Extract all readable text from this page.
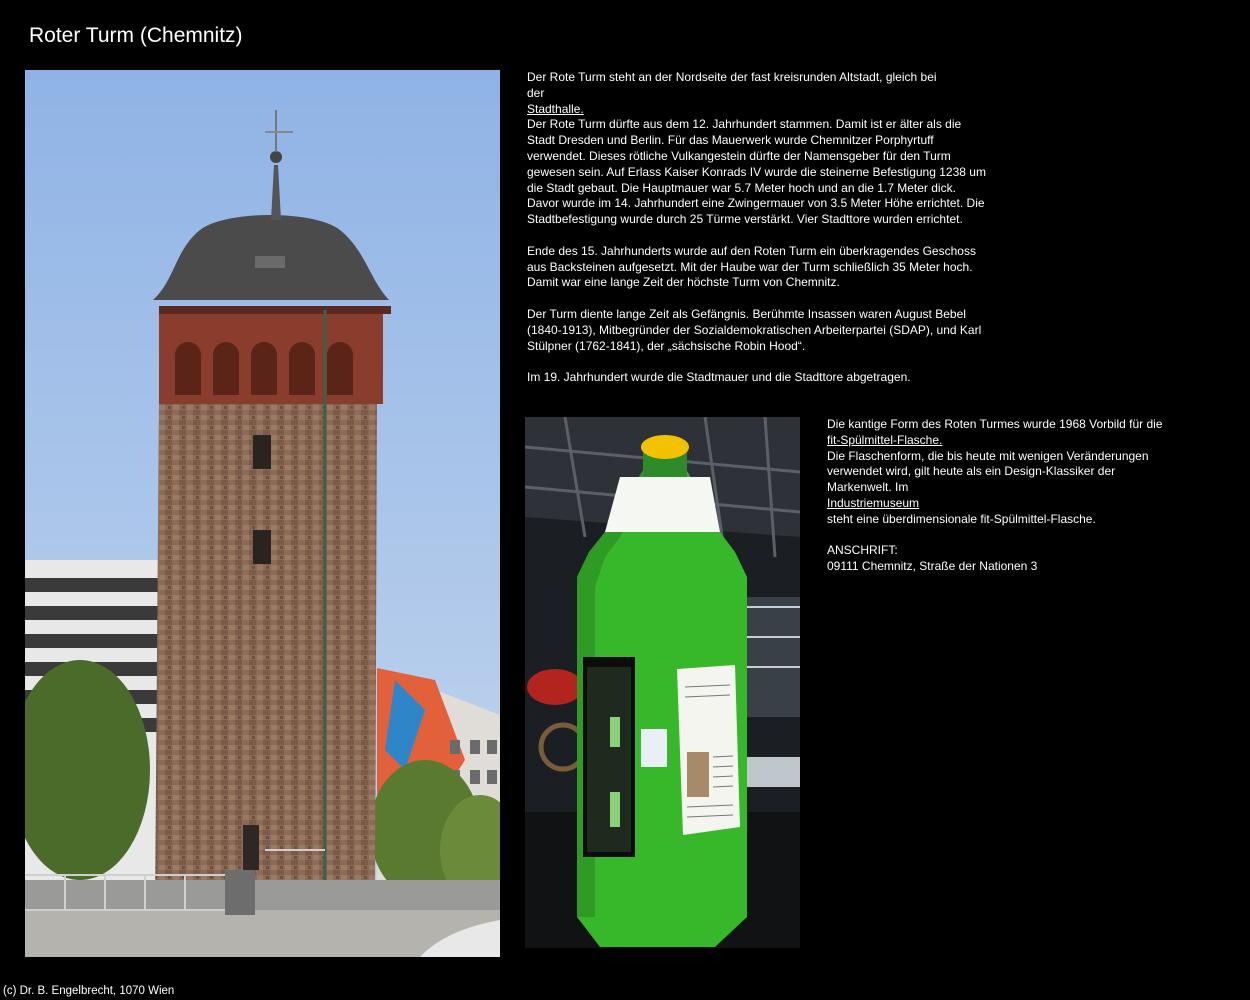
Roter Turm (Chemnitz)
Der Rote Turm steht an der Nordseite der fast kreisrunden Altstadt, gleich bei
der
Stadthalle.

Der Rote Turm dürfte aus dem 12. Jahrhundert stammen. Damit ist er älter als die Stadt Dresden und Berlin. Für das Mauerwerk wurde Chemnitzer Porphyrtuff verwendet. Dieses rötliche Vulkangestein dürfte der Namensgeber für den Turm gewesen sein. Auf Erlass Kaiser Konrads IV wurde die steinerne Befestigung 1238 um die Stadt gebaut. Die Hauptmauer war 5.7 Meter hoch und an die 1.7 Meter dick. Davor wurde im 14. Jahrhundert eine Zwingermauer von 3.5 Meter Höhe errichtet. Die Stadtbefestigung wurde durch 25 Türme verstärkt. Vier Stadttore wurden errichtet.

Ende des 15. Jahrhunderts wurde auf den Roten Turm ein überkragendes Geschoss aus Backsteinen aufgesetzt. Mit der Haube war der Turm schließlich 35 Meter hoch. Damit war eine lange Zeit der höchste Turm von Chemnitz.

Der Turm diente lange Zeit als Gefängnis. Berühmte Insassen waren August Bebel (1840-1913), Mitbegründer der Sozialdemokratischen Arbeiterpartei (SDAP), und Karl Stülpner (1762-1841), der „sächsische Robin Hood“.

Im 19. Jahrhundert wurde die Stadtmauer und die Stadttore abgetragen.

Die kantige Form des Roten Turmes wurde 1968 Vorbild für die
fit-Spülmittel-Flasche.
Die Flaschenform, die bis heute mit wenigen Veränderungen verwendet wird, gilt heute als ein Design-Klassiker der Markenwelt. Im
Industriemuseum

steht eine überdimensionale fit-Spülmittel-Flasche.

ANSCHRIFT:
09111 Chemnitz, Straße der Nationen 3
(c) Dr. B. Engelbrecht, 1070 Wien
